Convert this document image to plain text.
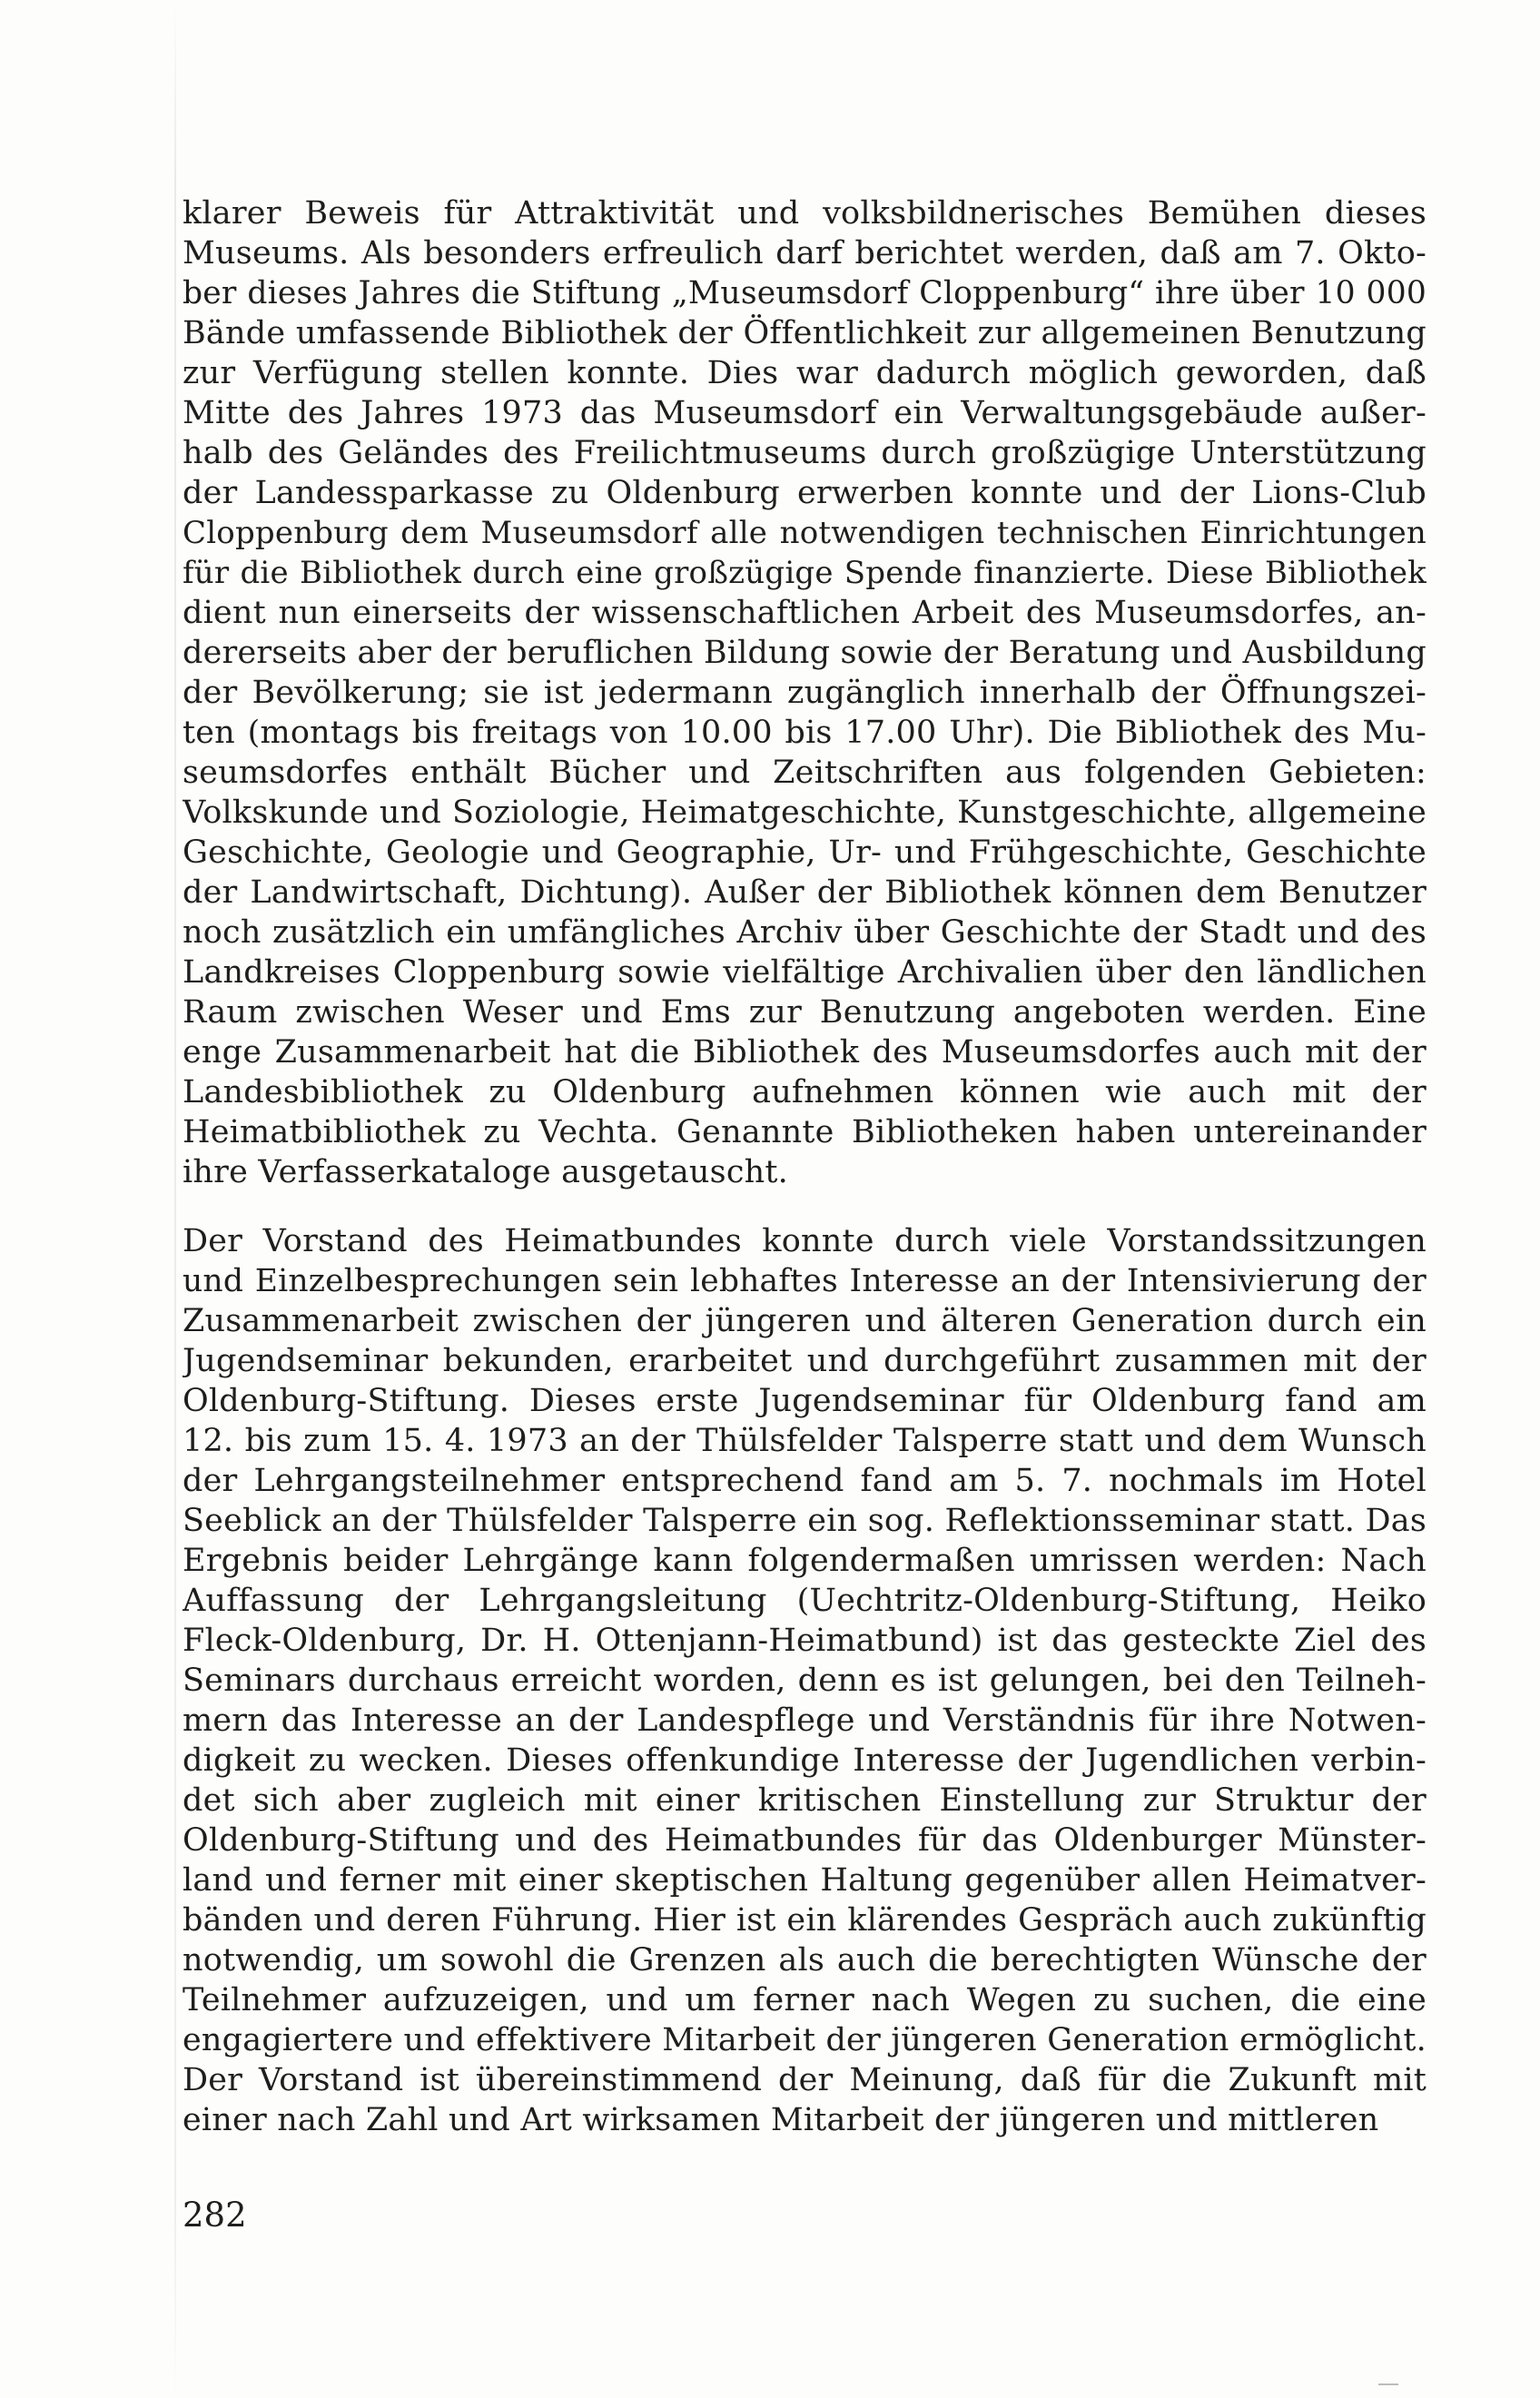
klarer Beweis für Attraktivität und volksbildnerisches Bemühen dieses
Museums. Als besonders erfreulich darf berichtet werden, daß am 7. Okto-
ber dieses Jahres die Stiftung „Museumsdorf Cloppenburg“ ihre über 10 000
Bände umfassende Bibliothek der Öffentlichkeit zur allgemeinen Benutzung
zur Verfügung stellen konnte. Dies war dadurch möglich geworden, daß
Mitte des Jahres 1973 das Museumsdorf ein Verwaltungsgebäude außer-
halb des Geländes des Freilichtmuseums durch großzügige Unterstützung
der Landessparkasse zu Oldenburg erwerben konnte und der Lions-Club
Cloppenburg dem Museumsdorf alle notwendigen technischen Einrichtungen
für die Bibliothek durch eine großzügige Spende finanzierte. Diese Bibliothek
dient nun einerseits der wissenschaftlichen Arbeit des Museumsdorfes, an-
dererseits aber der beruflichen Bildung sowie der Beratung und Ausbildung
der Bevölkerung; sie ist jedermann zugänglich innerhalb der Öffnungszei-
ten (montags bis freitags von 10.00 bis 17.00 Uhr). Die Bibliothek des Mu-
seumsdorfes enthält Bücher und Zeitschriften aus folgenden Gebieten:
Volkskunde und Soziologie, Heimatgeschichte, Kunstgeschichte, allgemeine
Geschichte, Geologie und Geographie, Ur- und Frühgeschichte, Geschichte
der Landwirtschaft, Dichtung). Außer der Bibliothek können dem Benutzer
noch zusätzlich ein umfängliches Archiv über Geschichte der Stadt und des
Landkreises Cloppenburg sowie vielfältige Archivalien über den ländlichen
Raum zwischen Weser und Ems zur Benutzung angeboten werden. Eine
enge Zusammenarbeit hat die Bibliothek des Museumsdorfes auch mit der
Landesbibliothek zu Oldenburg aufnehmen können wie auch mit der
Heimatbibliothek zu Vechta. Genannte Bibliotheken haben untereinander
ihre Verfasserkataloge ausgetauscht.
Der Vorstand des Heimatbundes konnte durch viele Vorstandssitzungen
und Einzelbesprechungen sein lebhaftes Interesse an der Intensivierung der
Zusammenarbeit zwischen der jüngeren und älteren Generation durch ein
Jugendseminar bekunden, erarbeitet und durchgeführt zusammen mit der
Oldenburg-Stiftung. Dieses erste Jugendseminar für Oldenburg fand am
12. bis zum 15. 4. 1973 an der Thülsfelder Talsperre statt und dem Wunsch
der Lehrgangsteilnehmer entsprechend fand am 5. 7. nochmals im Hotel
Seeblick an der Thülsfelder Talsperre ein sog. Reflektionsseminar statt. Das
Ergebnis beider Lehrgänge kann folgendermaßen umrissen werden: Nach
Auffassung der Lehrgangsleitung (Uechtritz-Oldenburg-Stiftung, Heiko
Fleck-Oldenburg, Dr. H. Ottenjann-Heimatbund) ist das gesteckte Ziel des
Seminars durchaus erreicht worden, denn es ist gelungen, bei den Teilneh-
mern das Interesse an der Landespflege und Verständnis für ihre Notwen-
digkeit zu wecken. Dieses offenkundige Interesse der Jugendlichen verbin-
det sich aber zugleich mit einer kritischen Einstellung zur Struktur der
Oldenburg-Stiftung und des Heimatbundes für das Oldenburger Münster-
land und ferner mit einer skeptischen Haltung gegenüber allen Heimatver-
bänden und deren Führung. Hier ist ein klärendes Gespräch auch zukünftig
notwendig, um sowohl die Grenzen als auch die berechtigten Wünsche der
Teilnehmer aufzuzeigen, und um ferner nach Wegen zu suchen, die eine
engagiertere und effektivere Mitarbeit der jüngeren Generation ermöglicht.
Der Vorstand ist übereinstimmend der Meinung, daß für die Zukunft mit
einer nach Zahl und Art wirksamen Mitarbeit der jüngeren und mittleren

282
